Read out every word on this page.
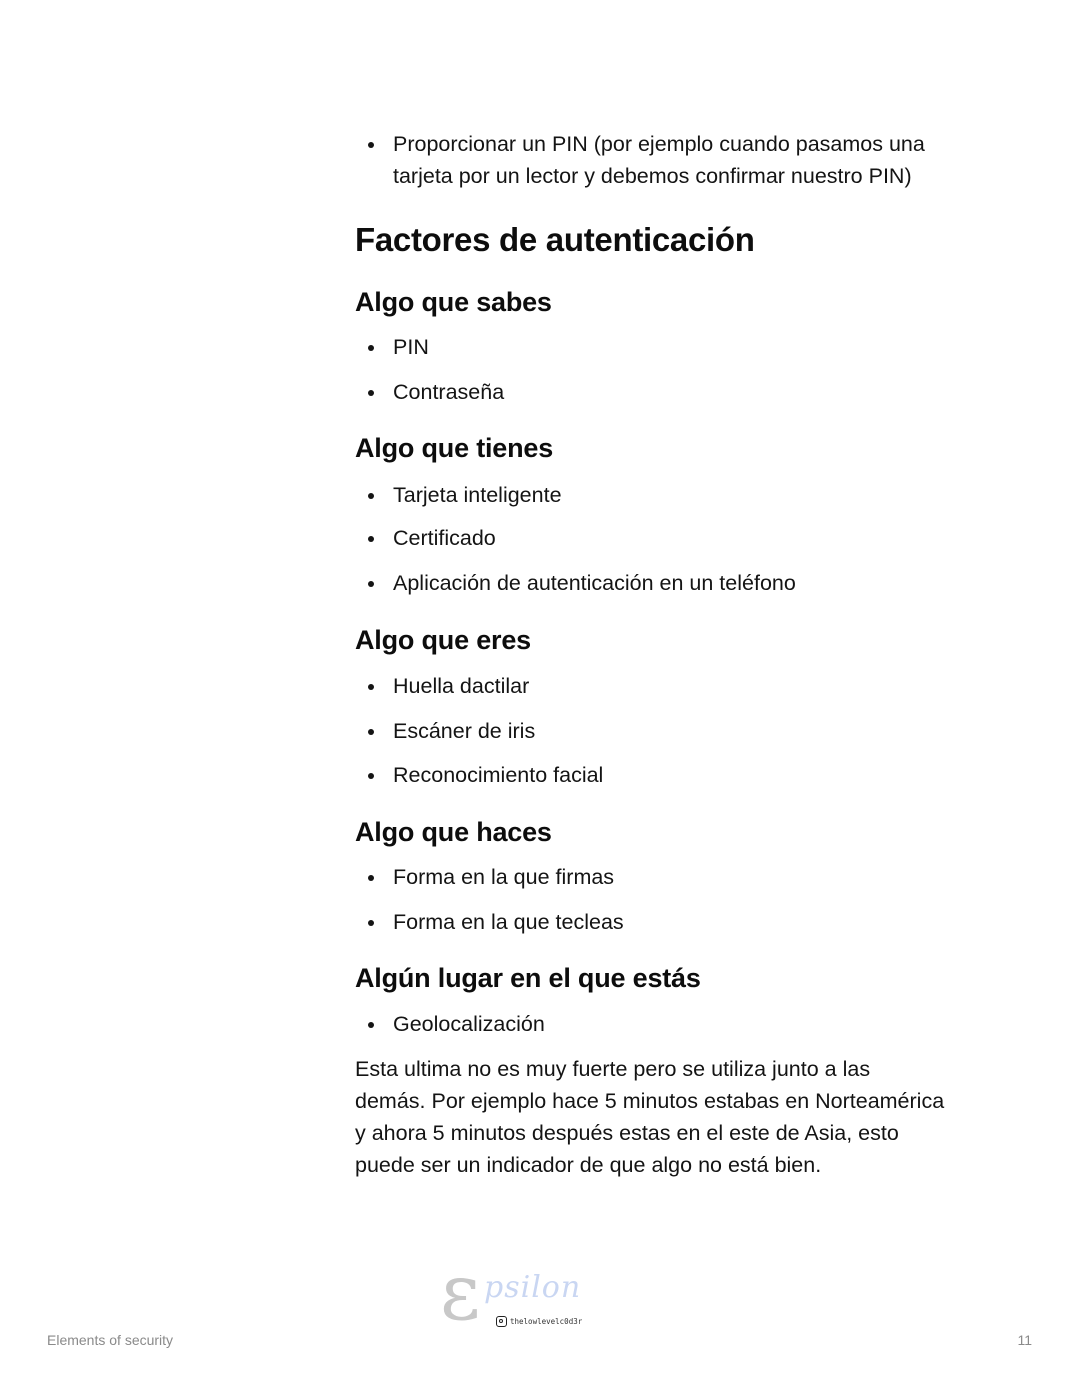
Proporcionar un PIN (por ejemplo cuando pasamos una tarjeta por un lector y debemos confirmar nuestro PIN)
Factores de autenticación
Algo que sabes
PIN
Contraseña
Algo que tienes
Tarjeta inteligente
Certificado
Aplicación de autenticación en un teléfono
Algo que eres
Huella dactilar
Escáner de iris
Reconocimiento facial
Algo que haces
Forma en la que firmas
Forma en la que tecleas
Algún lugar en el que estás
Geolocalización

Esta ultima no es muy fuerte pero se utiliza junto a las demás. Por ejemplo hace 5 minutos estabas en Norteamérica y ahora 5 minutos después estas en el este de Asia, esto puede ser un indicador de que algo no está bien.

ε psilon
thelowlevelc0d3r
Elements of security	11
